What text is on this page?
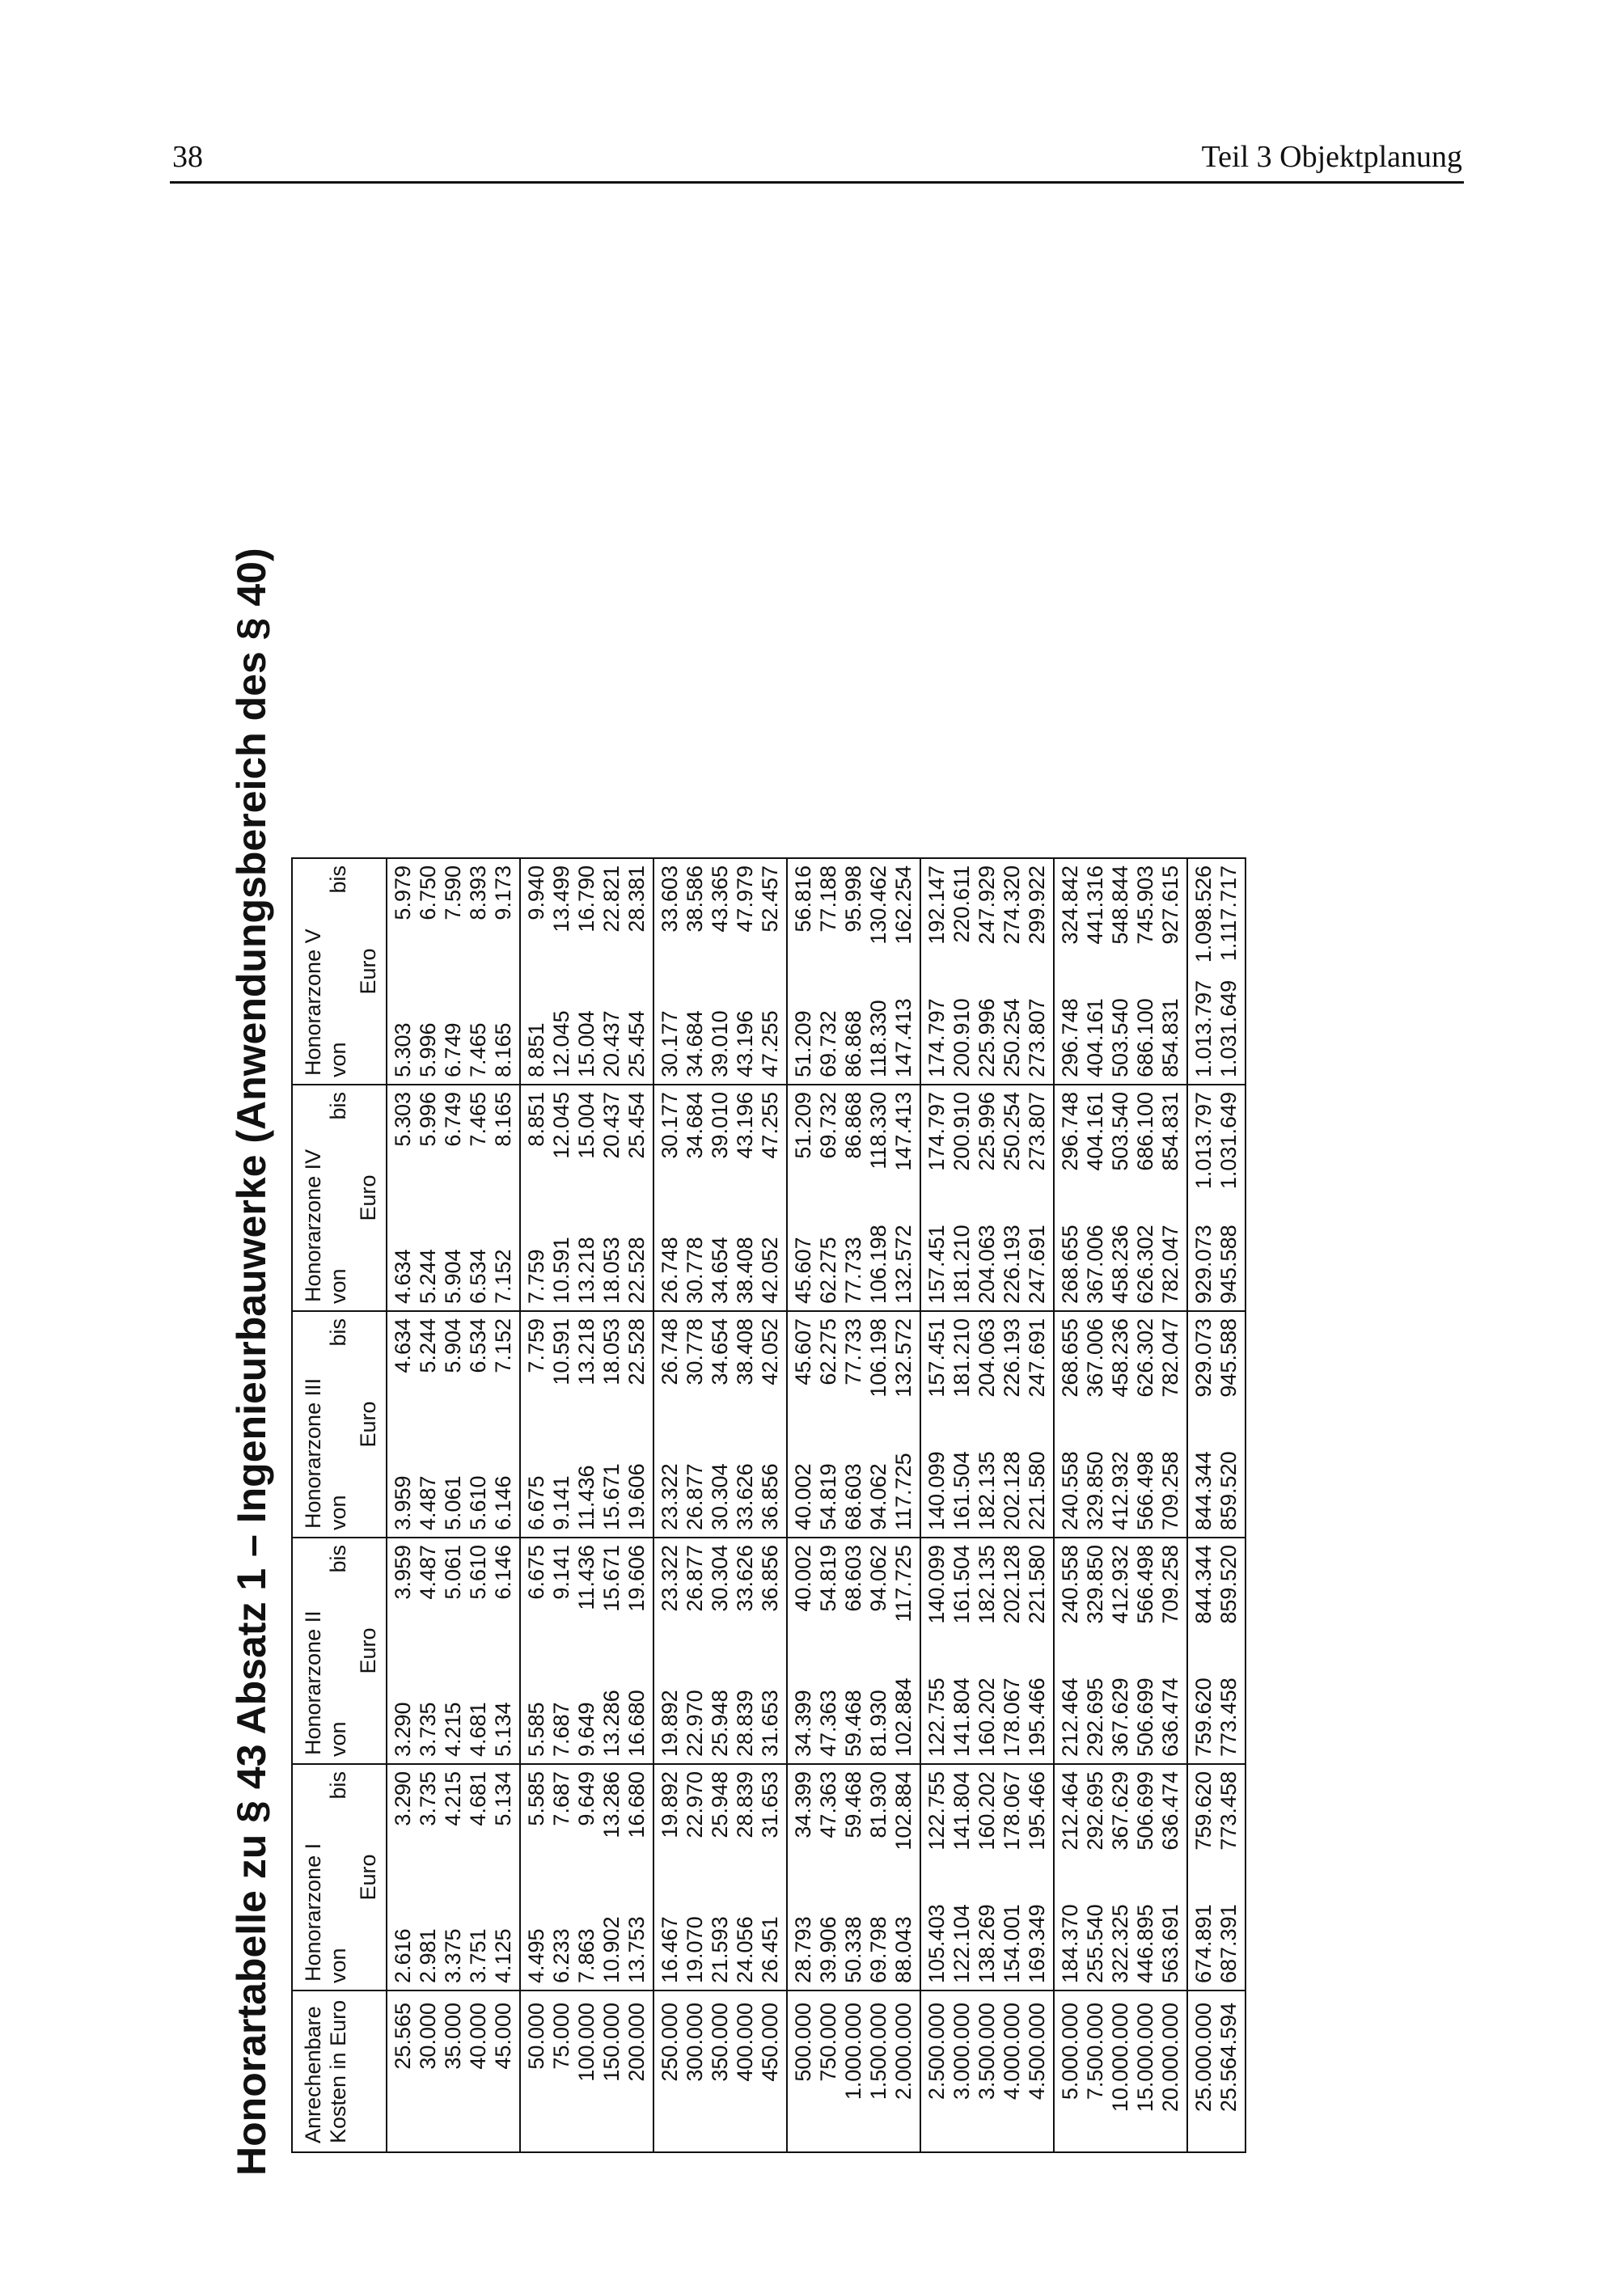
38	Teil 3 Objektplanung
Honorartabelle zu § 43 Absatz 1 – Ingenieurbauwerke (Anwendungsbereich des § 40)	Anrechenbare Kosten in Euro	Honorarzone I		Honorarzone II		Honorarzone III		Honorarzone IV		Honorarzone V	
	von	bis	von	bis	von	bis	von	bis	von	bis
	Euro		Euro		Euro		Euro		Euro	
25.565	2.616	3.290	3.290	3.959	3.959	4.634	4.634	5.303	5.303	5.979
30.000	2.981	3.735	3.735	4.487	4.487	5.244	5.244	5.996	5.996	6.750
35.000	3.375	4.215	4.215	5.061	5.061	5.904	5.904	6.749	6.749	7.590
40.000	3.751	4.681	4.681	5.610	5.610	6.534	6.534	7.465	7.465	8.393
45.000	4.125	5.134	5.134	6.146	6.146	7.152	7.152	8.165	8.165	9.173
50.000	4.495	5.585	5.585	6.675	6.675	7.759	7.759	8.851	8.851	9.940
75.000	6.233	7.687	7.687	9.141	9.141	10.591	10.591	12.045	12.045	13.499
100.000	7.863	9.649	9.649	11.436	11.436	13.218	13.218	15.004	15.004	16.790
150.000	10.902	13.286	13.286	15.671	15.671	18.053	18.053	20.437	20.437	22.821
200.000	13.753	16.680	16.680	19.606	19.606	22.528	22.528	25.454	25.454	28.381
250.000	16.467	19.892	19.892	23.322	23.322	26.748	26.748	30.177	30.177	33.603
300.000	19.070	22.970	22.970	26.877	26.877	30.778	30.778	34.684	34.684	38.586
350.000	21.593	25.948	25.948	30.304	30.304	34.654	34.654	39.010	39.010	43.365
400.000	24.056	28.839	28.839	33.626	33.626	38.408	38.408	43.196	43.196	47.979
450.000	26.451	31.653	31.653	36.856	36.856	42.052	42.052	47.255	47.255	52.457
500.000	28.793	34.399	34.399	40.002	40.002	45.607	45.607	51.209	51.209	56.816
750.000	39.906	47.363	47.363	54.819	54.819	62.275	62.275	69.732	69.732	77.188
1.000.000	50.338	59.468	59.468	68.603	68.603	77.733	77.733	86.868	86.868	95.998
1.500.000	69.798	81.930	81.930	94.062	94.062	106.198	106.198	118.330	118.330	130.462
2.000.000	88.043	102.884	102.884	117.725	117.725	132.572	132.572	147.413	147.413	162.254
2.500.000	105.403	122.755	122.755	140.099	140.099	157.451	157.451	174.797	174.797	192.147
3.000.000	122.104	141.804	141.804	161.504	161.504	181.210	181.210	200.910	200.910	220.611
3.500.000	138.269	160.202	160.202	182.135	182.135	204.063	204.063	225.996	225.996	247.929
4.000.000	154.001	178.067	178.067	202.128	202.128	226.193	226.193	250.254	250.254	274.320
4.500.000	169.349	195.466	195.466	221.580	221.580	247.691	247.691	273.807	273.807	299.922
5.000.000	184.370	212.464	212.464	240.558	240.558	268.655	268.655	296.748	296.748	324.842
7.500.000	255.540	292.695	292.695	329.850	329.850	367.006	367.006	404.161	404.161	441.316
10.000.000	322.325	367.629	367.629	412.932	412.932	458.236	458.236	503.540	503.540	548.844
15.000.000	446.895	506.699	506.699	566.498	566.498	626.302	626.302	686.100	686.100	745.903
20.000.000	563.691	636.474	636.474	709.258	709.258	782.047	782.047	854.831	854.831	927.615
25.000.000	674.891	759.620	759.620	844.344	844.344	929.073	929.073	1.013.797	1.013.797	1.098.526
25.564.594	687.391	773.458	773.458	859.520	859.520	945.588	945.588	1.031.649	1.031.649	1.117.717
